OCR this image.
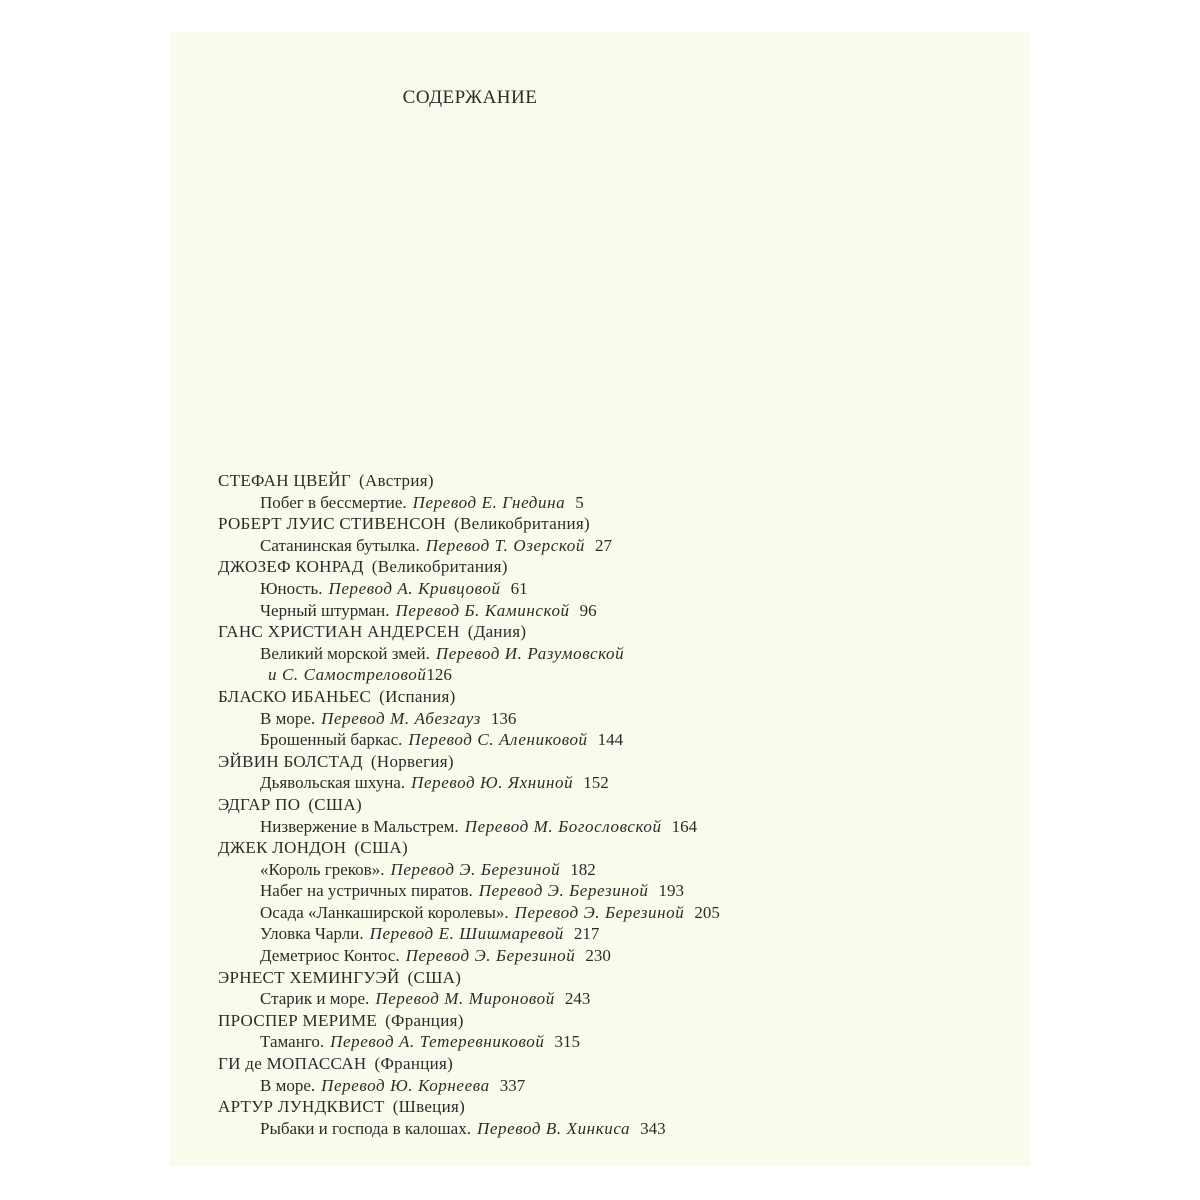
СОДЕРЖАНИЕ
СТЕФАН ЦВЕЙГ (Австрия)
Побег в бессмертие. Перевод Е. Гнедина 5
РОБЕРТ ЛУИС СТИВЕНСОН (Великобритания)
Сатанинская бутылка. Перевод Т. Озерской 27
ДЖОЗЕФ КОНРАД (Великобритания)
Юность. Перевод А. Кривцовой 61
Черный штурман. Перевод Б. Каминской 96
ГАНС ХРИСТИАН АНДЕРСЕН (Дания)
Великий морской змей. Перевод И. Разумовской
и С. Самостреловой126
БЛАСКО ИБАНЬЕС (Испания)
В море. Перевод М. Абезгауз 136
Брошенный баркас. Перевод С. Алениковой 144
ЭЙВИН БОЛСТАД (Норвегия)
Дьявольская шхуна. Перевод Ю. Яхниной 152
ЭДГАР ПО (США)
Низвержение в Мальстрем. Перевод М. Богословской 164
ДЖЕК ЛОНДОН (США)
«Король греков». Перевод Э. Березиной 182
Набег на устричных пиратов. Перевод Э. Березиной 193
Осада «Ланкаширской королевы». Перевод Э. Березиной 205
Уловка Чарли. Перевод Е. Шишмаревой 217
Деметриос Контос. Перевод Э. Березиной 230
ЭРНЕСТ ХЕМИНГУЭЙ (США)
Старик и море. Перевод М. Мироновой 243
ПРОСПЕР МЕРИМЕ (Франция)
Таманго. Перевод А. Тетеревниковой 315
ГИ де МОПАССАН (Франция)
В море. Перевод Ю. Корнеева 337
АРТУР ЛУНДКВИСТ (Швеция)
Рыбаки и господа в калошах. Перевод В. Хинкиса 343
